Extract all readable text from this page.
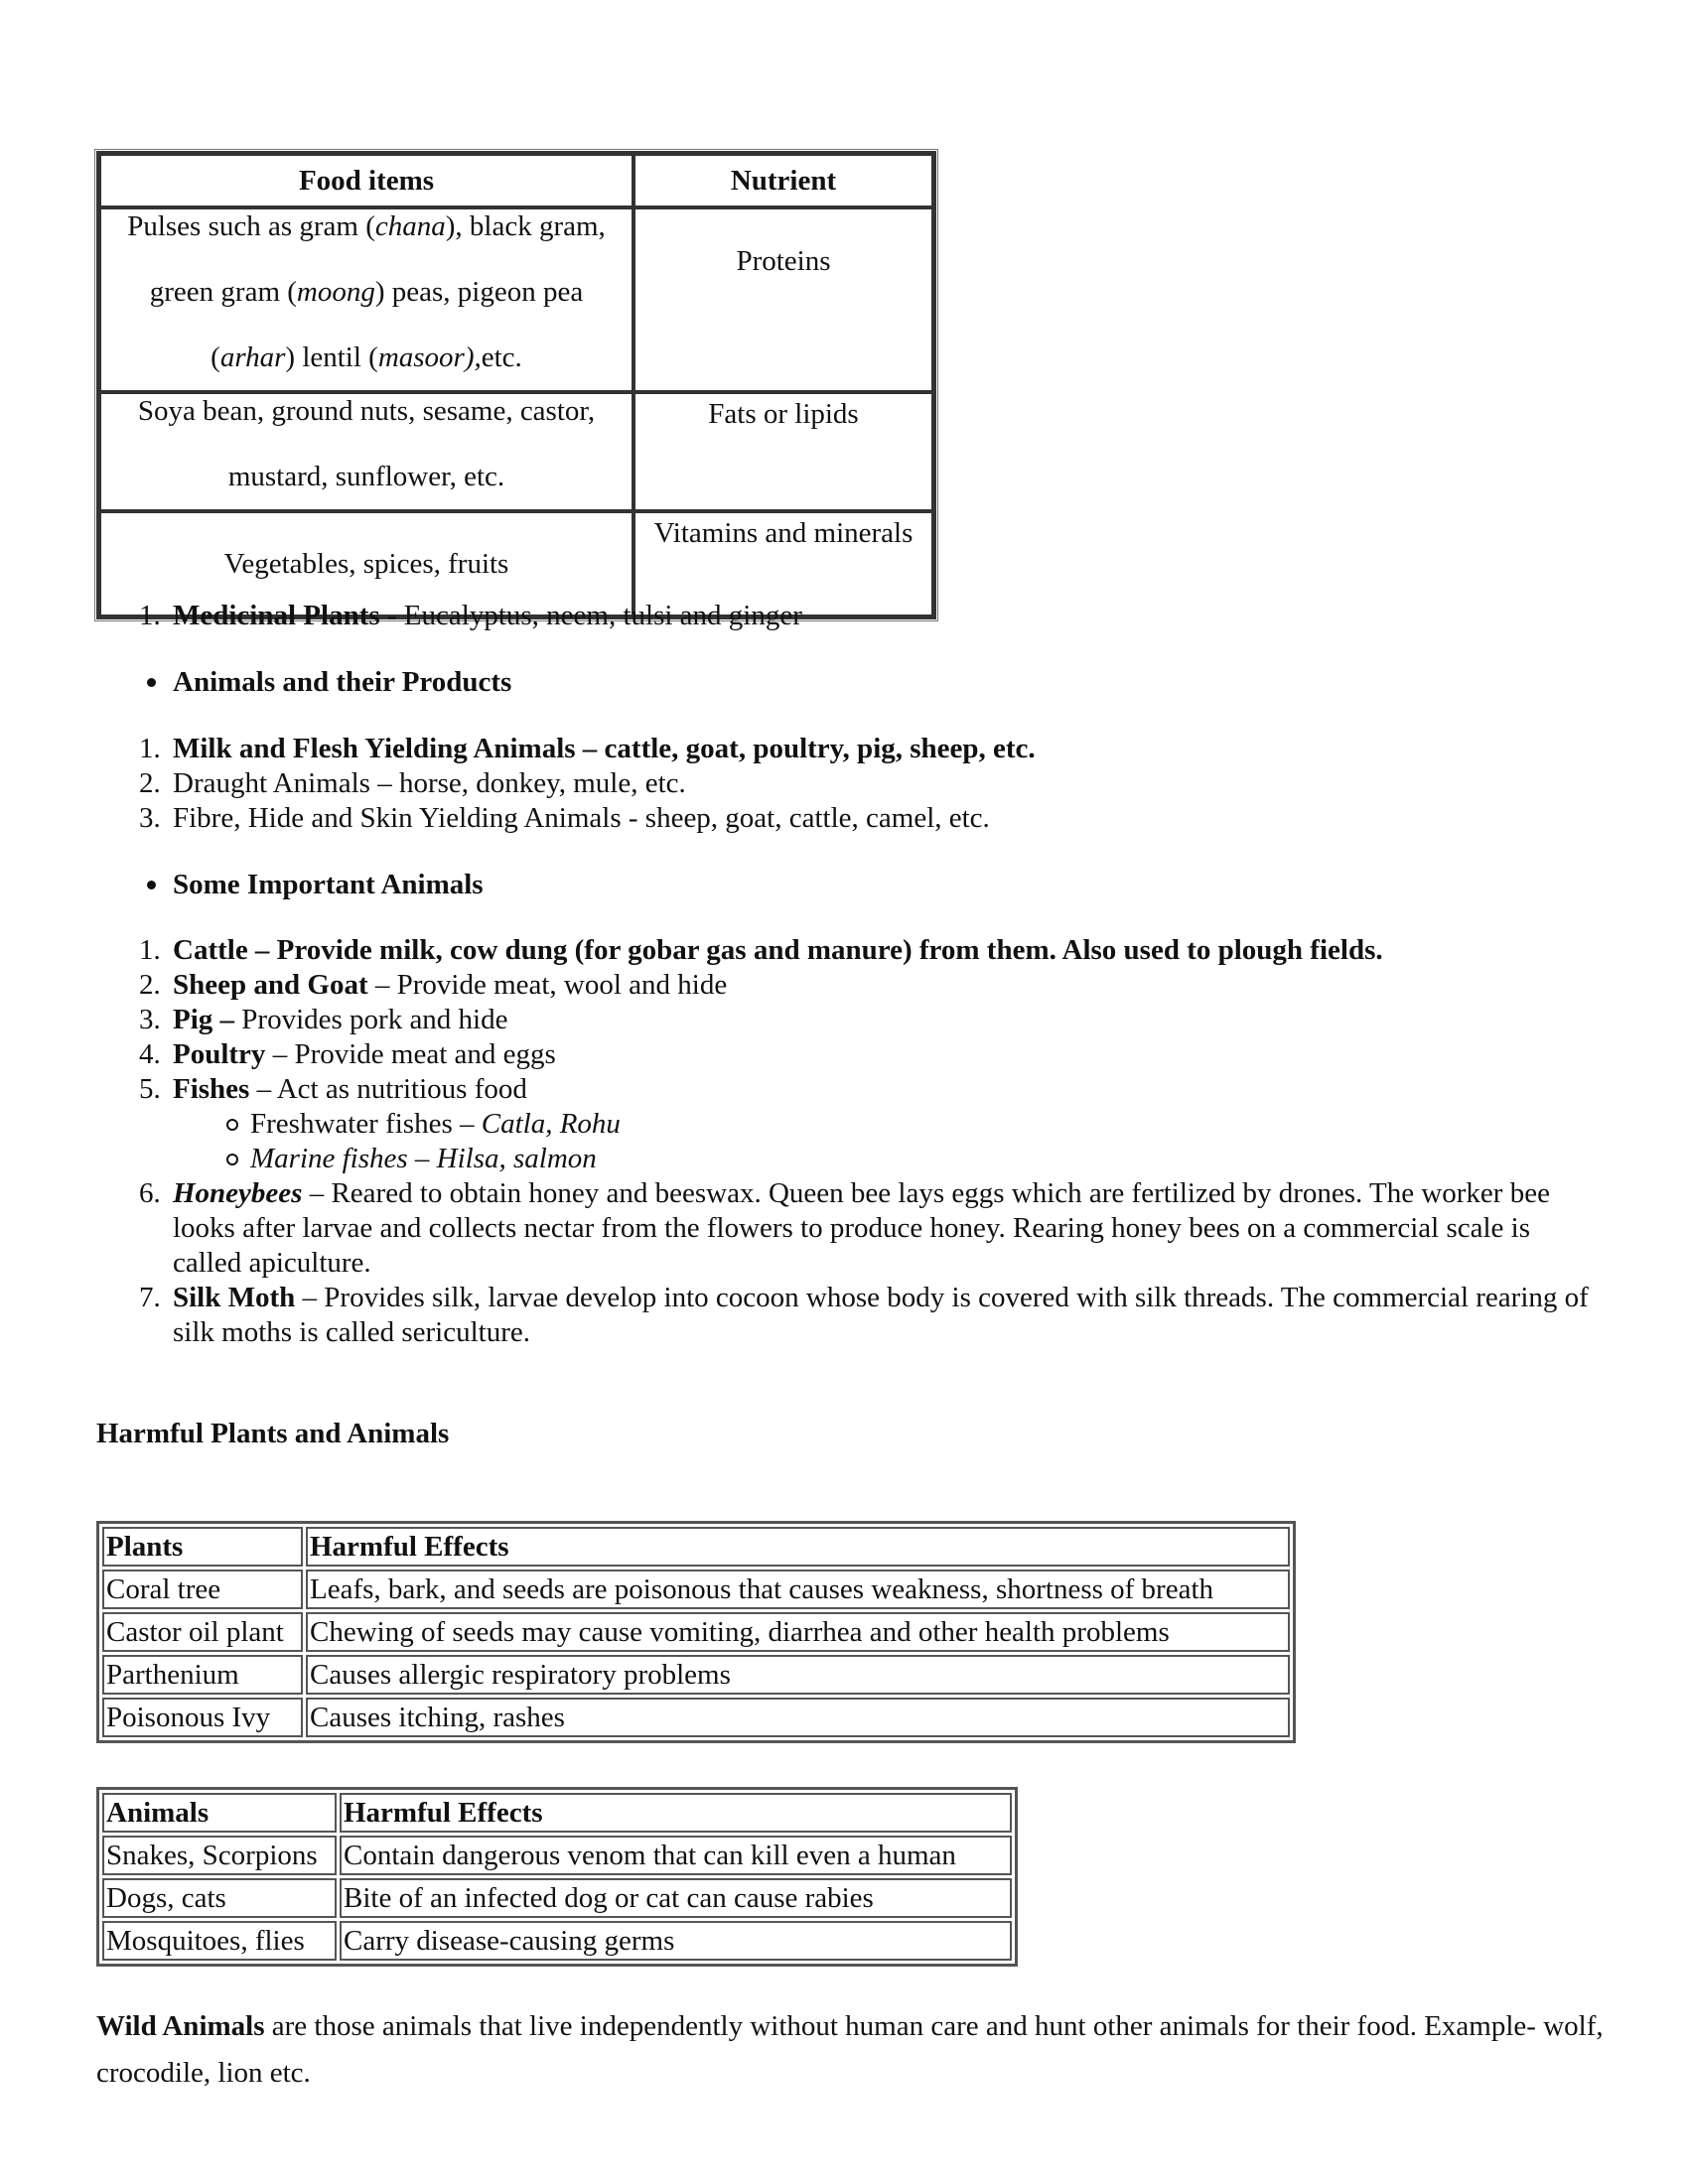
Food items	Nutrient

Pulses such as gram (chana), black gram,
green gram (moong) peas, pigeon pea
(arhar) lentil (masoor),etc.	Proteins

Soya bean, ground nuts, sesame, castor,
mustard, sunflower, etc.	Fats or lipids

Vegetables, spices, fruits	Vitamins and minerals
1. Medicinal Plants - Eucalyptus, neem, tulsi and ginger
Animals and their Products
1. Milk and Flesh Yielding Animals – cattle, goat, poultry, pig, sheep, etc.
2. Draught Animals – horse, donkey, mule, etc.
3. Fibre, Hide and Skin Yielding Animals - sheep, goat, cattle, camel, etc.
Some Important Animals
1. Cattle – Provide milk, cow dung (for gobar gas and manure) from them. Also used to plough fields.
2. Sheep and Goat – Provide meat, wool and hide
3. Pig – Provides pork and hide
4. Poultry – Provide meat and eggs
5. Fishes – Act as nutritious food
Freshwater fishes – Catla, Rohu
Marine fishes – Hilsa, salmon
6. Honeybees – Reared to obtain honey and beeswax. Queen bee lays eggs which are fertilized by drones. The worker bee looks after larvae and collects nectar from the flowers to produce honey. Rearing honey bees on a commercial scale is called apiculture.
7. Silk Moth – Provides silk, larvae develop into cocoon whose body is covered with silk threads. The commercial rearing of silk moths is called sericulture.
Harmful Plants and Animals
Plants	Harmful Effects
Coral tree	Leafs, bark, and seeds are poisonous that causes weakness, shortness of breath
Castor oil plant	Chewing of seeds may cause vomiting, diarrhea and other health problems
Parthenium	Causes allergic respiratory problems
Poisonous Ivy	Causes itching, rashes
Animals	Harmful Effects
Snakes, Scorpions	Contain dangerous venom that can kill even a human
Dogs, cats	Bite of an infected dog or cat can cause rabies
Mosquitoes, flies	Carry disease-causing germs

Wild Animals are those animals that live independently without human care and hunt other animals for their food. Example- wolf, crocodile, lion etc.
